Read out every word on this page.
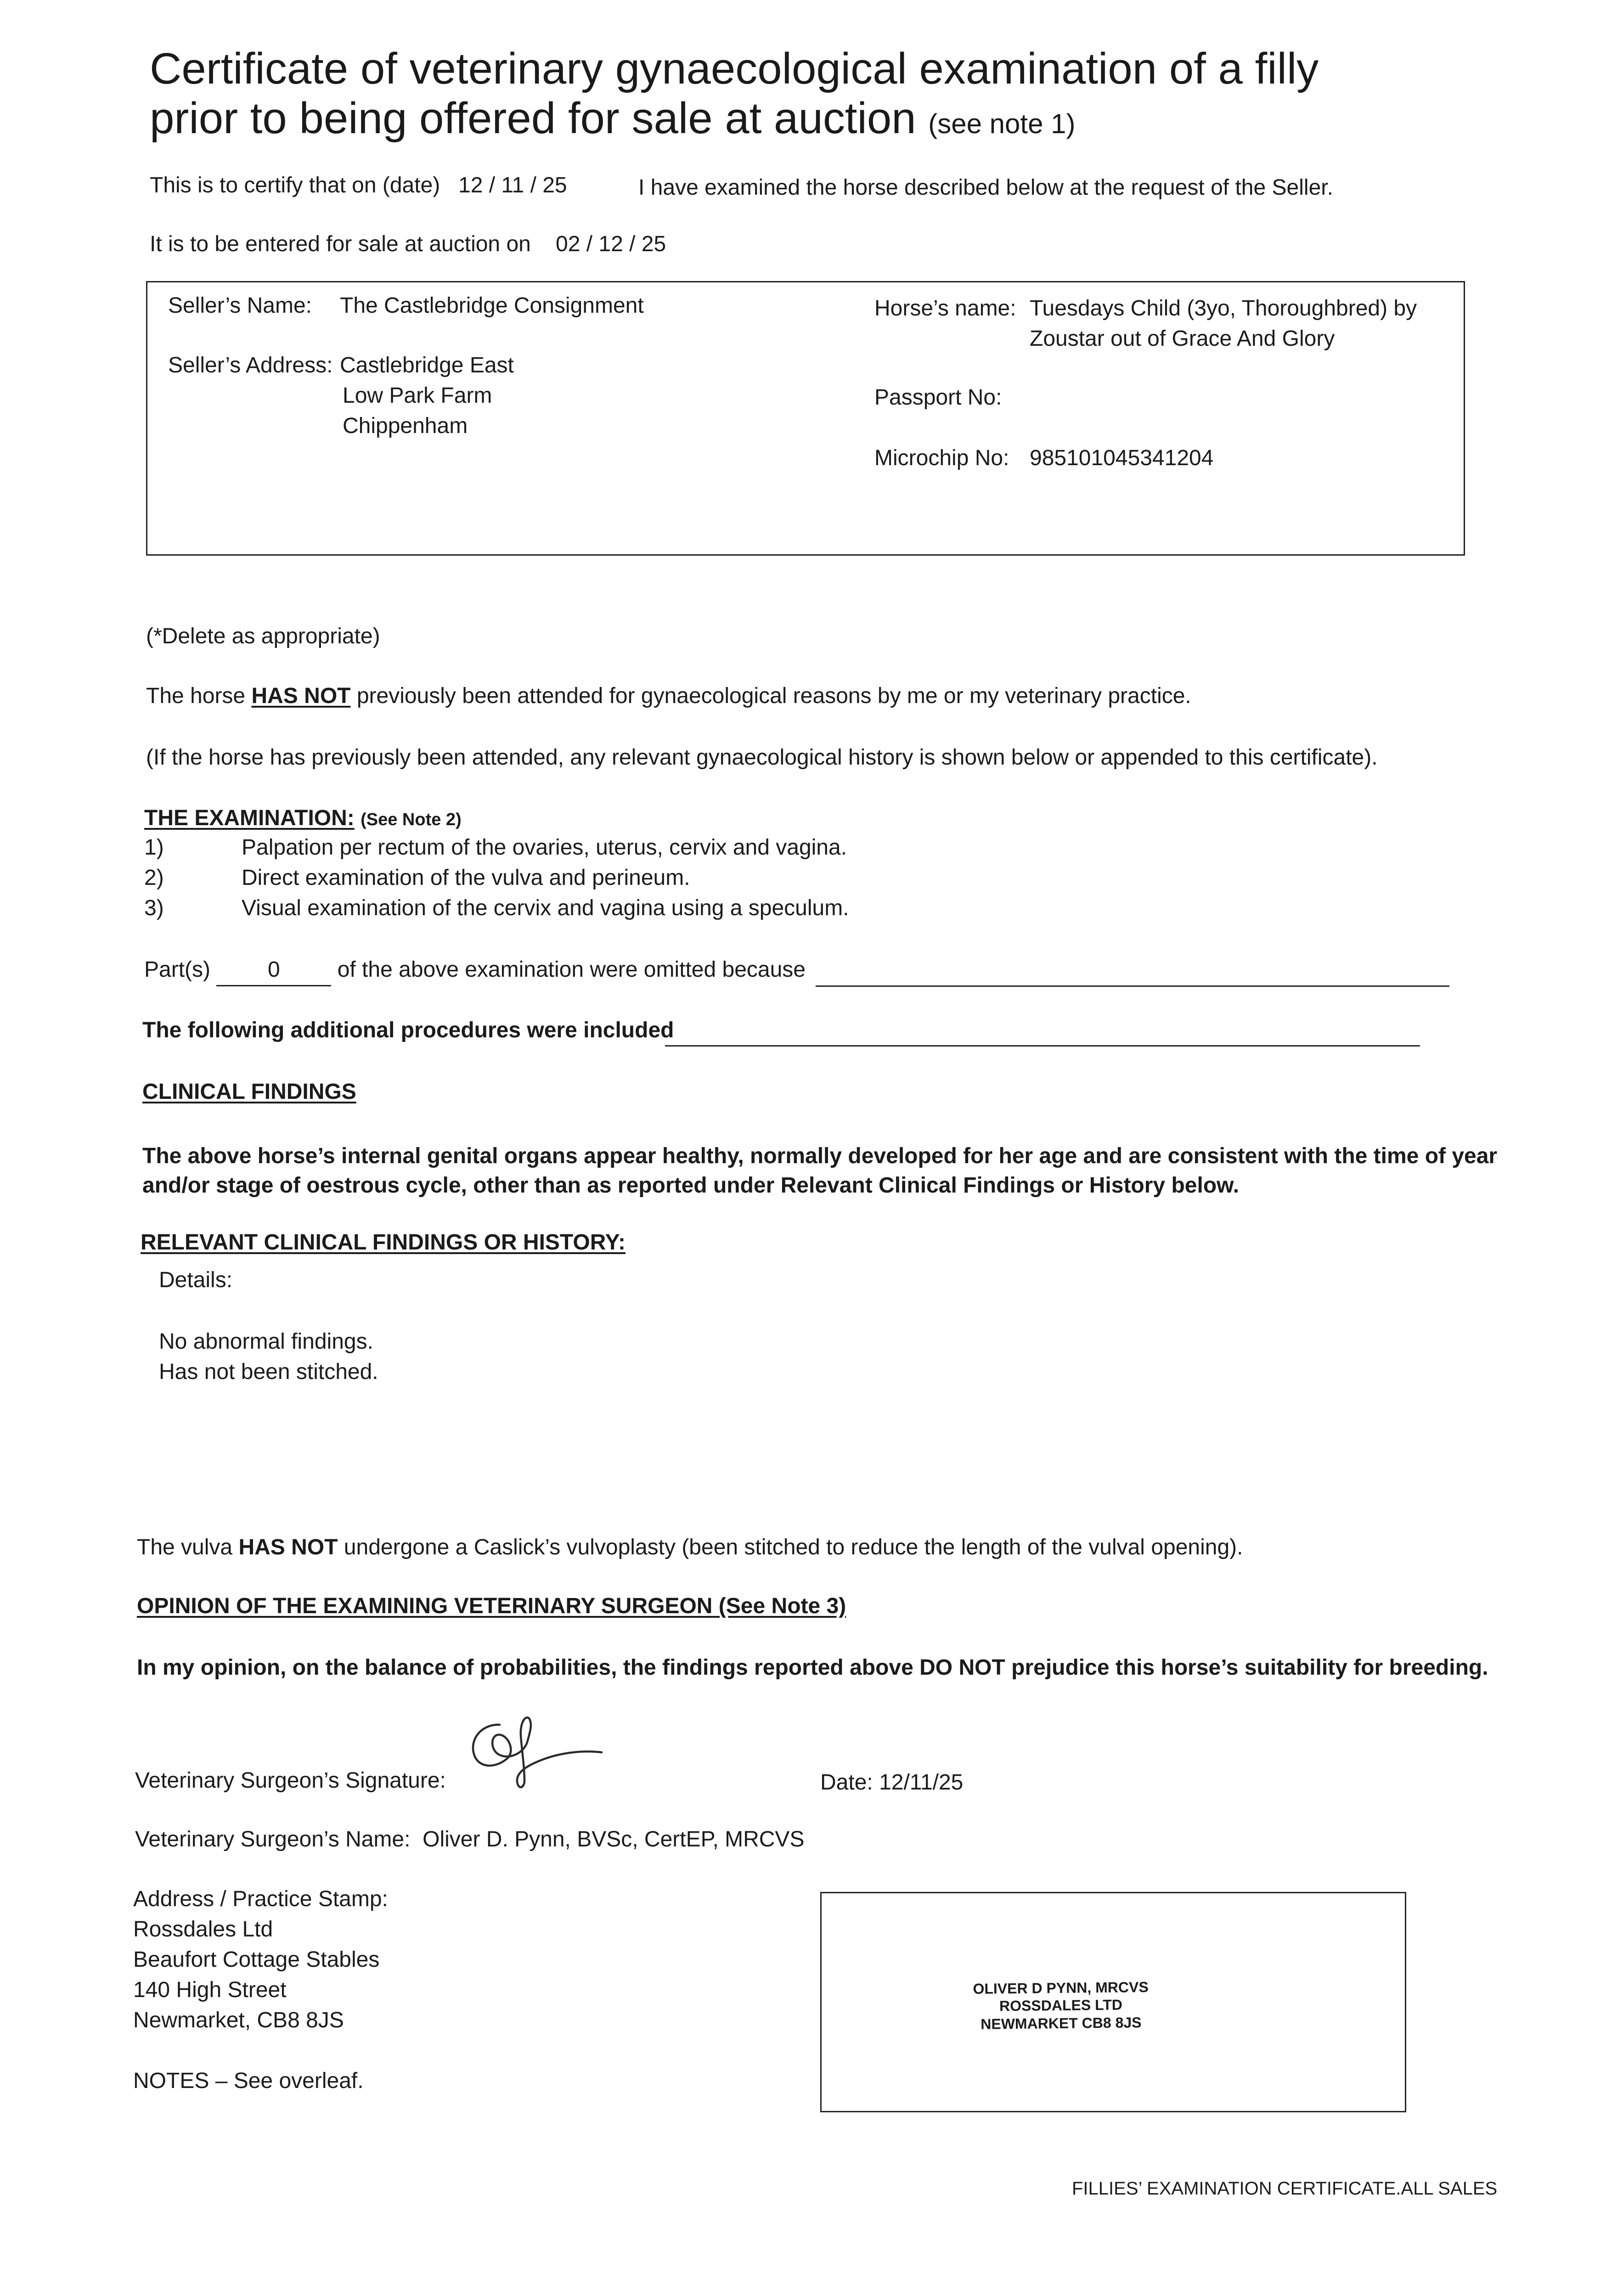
Certificate of veterinary gynaecological examination of a filly
prior to being offered for sale at auction (see note 1)
This is to certify that on (date) 12 / 11 / 25	I have examined the horse described below at the request of the Seller.
It is to be entered for sale at auction on 02 / 12 / 25
Seller’s Name: The Castlebridge Consignment
Seller’s Address: Castlebridge East
Low Park Farm
Chippenham
Horse’s name: Tuesdays Child (3yo, Thoroughbred) by
Zoustar out of Grace And Glory
Passport No:
Microchip No: 985101045341204
(*Delete as appropriate)
The horse HAS NOT previously been attended for gynaecological reasons by me or my veterinary practice.
(If the horse has previously been attended, any relevant gynaecological history is shown below or appended to this certificate).
THE EXAMINATION: (See Note 2)
1)	Palpation per rectum of the ovaries, uterus, cervix and vagina.
2)	Direct examination of the vulva and perineum.
3)	Visual examination of the cervix and vagina using a speculum.
Part(s)	0	of the above examination were omitted because
The following additional procedures were included
CLINICAL FINDINGS
The above horse’s internal genital organs appear healthy, normally developed for her age and are consistent with the time of year
and/or stage of oestrous cycle, other than as reported under Relevant Clinical Findings or History below.
RELEVANT CLINICAL FINDINGS OR HISTORY:
Details:
No abnormal findings.
Has not been stitched.
The vulva HAS NOT undergone a Caslick’s vulvoplasty (been stitched to reduce the length of the vulval opening).
OPINION OF THE EXAMINING VETERINARY SURGEON (See Note 3)
In my opinion, on the balance of probabilities, the findings reported above DO NOT prejudice this horse’s suitability for breeding.
Veterinary Surgeon’s Signature:	Date: 12/11/25
Veterinary Surgeon’s Name: Oliver D. Pynn, BVSc, CertEP, MRCVS
Address / Practice Stamp:
Rossdales Ltd
Beaufort Cottage Stables
140 High Street
Newmarket, CB8 8JS
OLIVER D PYNN, MRCVS
ROSSDALES LTD
NEWMARKET CB8 8JS
NOTES – See overleaf.
FILLIES’ EXAMINATION CERTIFICATE.ALL SALES
